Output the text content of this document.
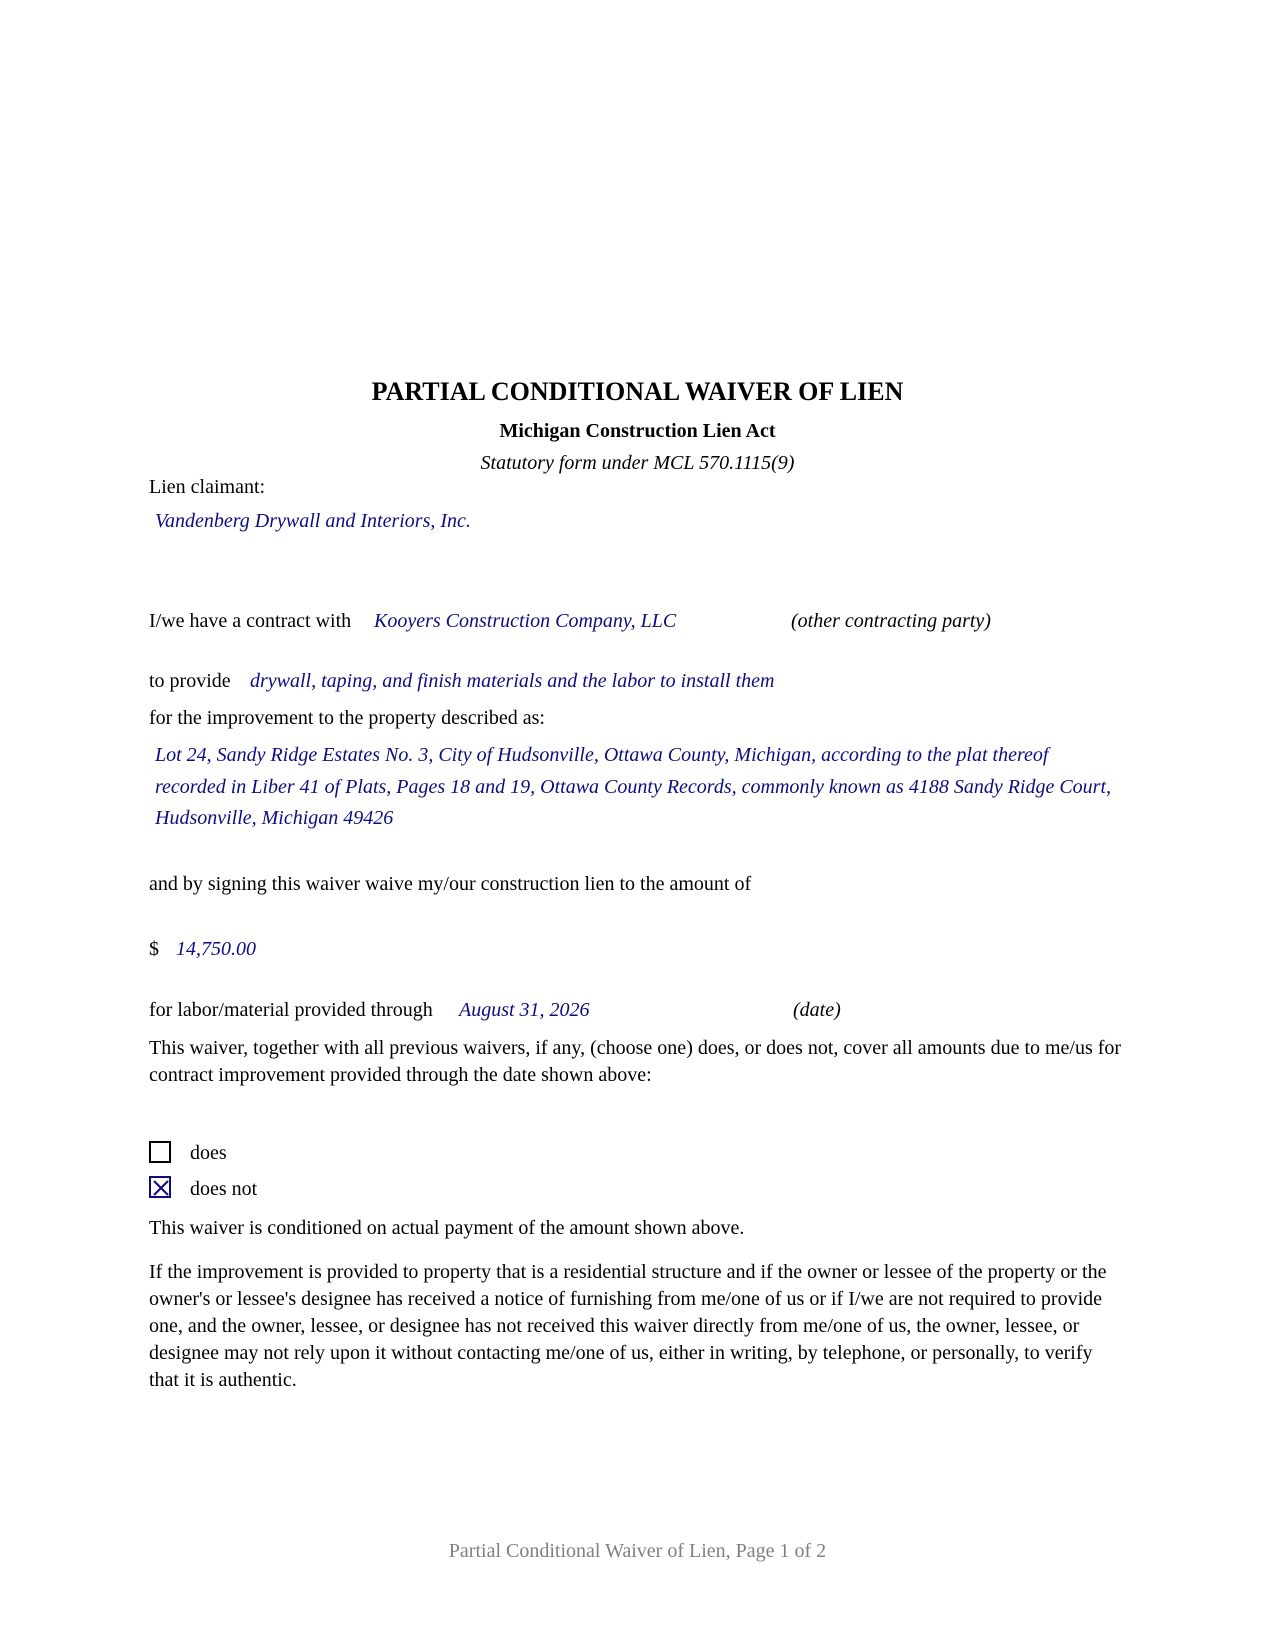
PARTIAL CONDITIONAL WAIVER OF LIEN
Michigan Construction Lien Act
Statutory form under MCL 570.1115(9)
Lien claimant:
Vandenberg Drywall and Interiors, Inc.
I/we have a contract with Kooyers Construction Company, LLC	(other contracting party)
to provide drywall, taping, and finish materials and the labor to install them
for the improvement to the property described as:
Lot 24, Sandy Ridge Estates No. 3, City of Hudsonville, Ottawa County, Michigan, according to the plat thereof recorded in Liber 41 of Plats, Pages 18 and 19, Ottawa County Records, commonly known as 4188 Sandy Ridge Court, Hudsonville, Michigan 49426
and by signing this waiver waive my/our construction lien to the amount of
$ 14,750.00
for labor/material provided through August 31, 2026	(date)
This waiver, together with all previous waivers, if any, (choose one) does, or does not, cover all amounts due to me/us for contract improvement provided through the date shown above:
does
does not
This waiver is conditioned on actual payment of the amount shown above.
If the improvement is provided to property that is a residential structure and if the owner or lessee of the property or the owner's or lessee's designee has received a notice of furnishing from me/one of us or if I/we are not required to provide one, and the owner, lessee, or designee has not received this waiver directly from me/one of us, the owner, lessee, or designee may not rely upon it without contacting me/one of us, either in writing, by telephone, or personally, to verify that it is authentic.
Partial Conditional Waiver of Lien, Page 1 of 2
